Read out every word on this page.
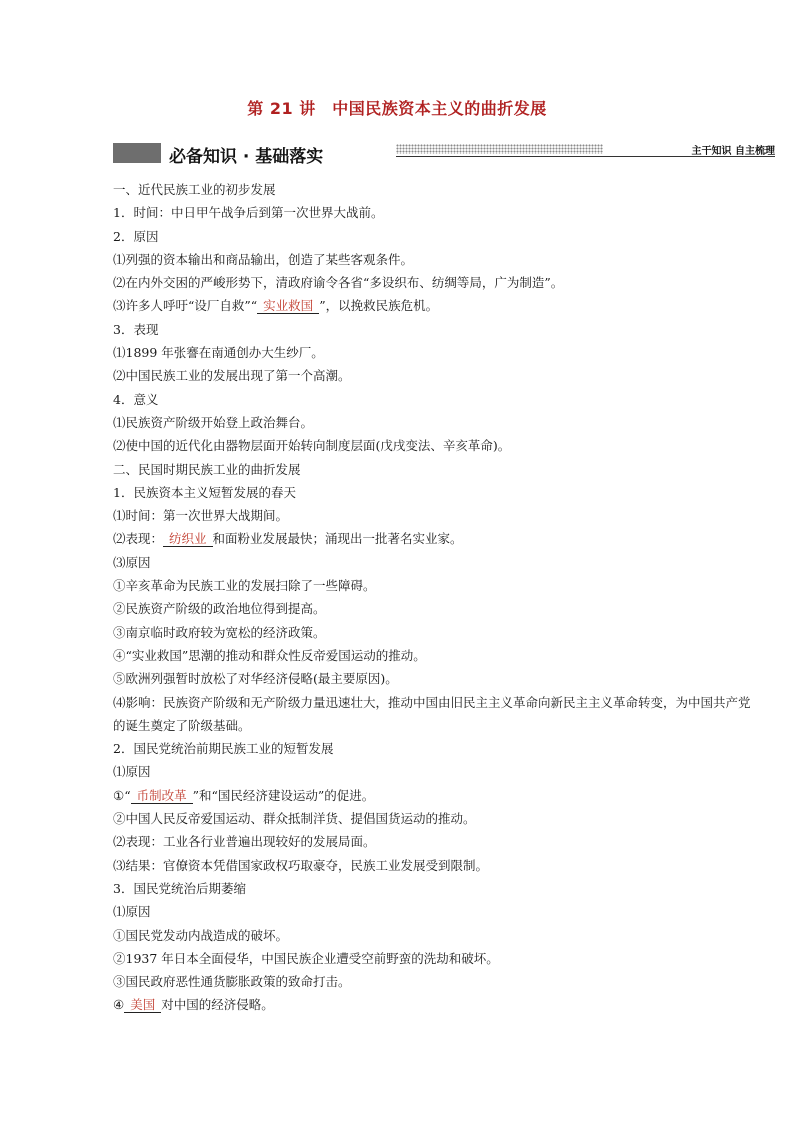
第 21 讲　中国民族资本主义的曲折发展
必备知识 · 基础落实	主干知识 自主梳理
一、近代民族工业的初步发展
1．时间：中日甲午战争后到第一次世界大战前。
2．原因
⑴列强的资本输出和商品输出，创造了某些客观条件。
⑵在内外交困的严峻形势下，清政府谕令各省“多设织布、纺绸等局，广为制造”。
⑶许多人呼吁“设厂自救”“ 实业救国 ”，以挽救民族危机。
3．表现
⑴1899 年张謇在南通创办大生纱厂。
⑵中国民族工业的发展出现了第一个高潮。
4．意义
⑴民族资产阶级开始登上政治舞台。
⑵使中国的近代化由器物层面开始转向制度层面(戊戌变法、辛亥革命)。
二、民国时期民族工业的曲折发展
1．民族资本主义短暂发展的春天
⑴时间：第一次世界大战期间。
⑵表现： 纺织业 和面粉业发展最快；涌现出一批著名实业家。
⑶原因
①辛亥革命为民族工业的发展扫除了一些障碍。
②民族资产阶级的政治地位得到提高。
③南京临时政府较为宽松的经济政策。
④“实业救国”思潮的推动和群众性反帝爱国运动的推动。
⑤欧洲列强暂时放松了对华经济侵略(最主要原因)。
⑷影响：民族资产阶级和无产阶级力量迅速壮大，推动中国由旧民主主义革命向新民主主义革命转变，为中国共产党的诞生奠定了阶级基础。
2．国民党统治前期民族工业的短暂发展
⑴原因
①“ 币制改革 ”和“国民经济建设运动”的促进。
②中国人民反帝爱国运动、群众抵制洋货、提倡国货运动的推动。
⑵表现：工业各行业普遍出现较好的发展局面。
⑶结果：官僚资本凭借国家政权巧取豪夺，民族工业发展受到限制。
3．国民党统治后期萎缩
⑴原因
①国民党发动内战造成的破坏。
②1937 年日本全面侵华，中国民族企业遭受空前野蛮的洗劫和破坏。
③国民政府恶性通货膨胀政策的致命打击。
④ 美国 对中国的经济侵略。
